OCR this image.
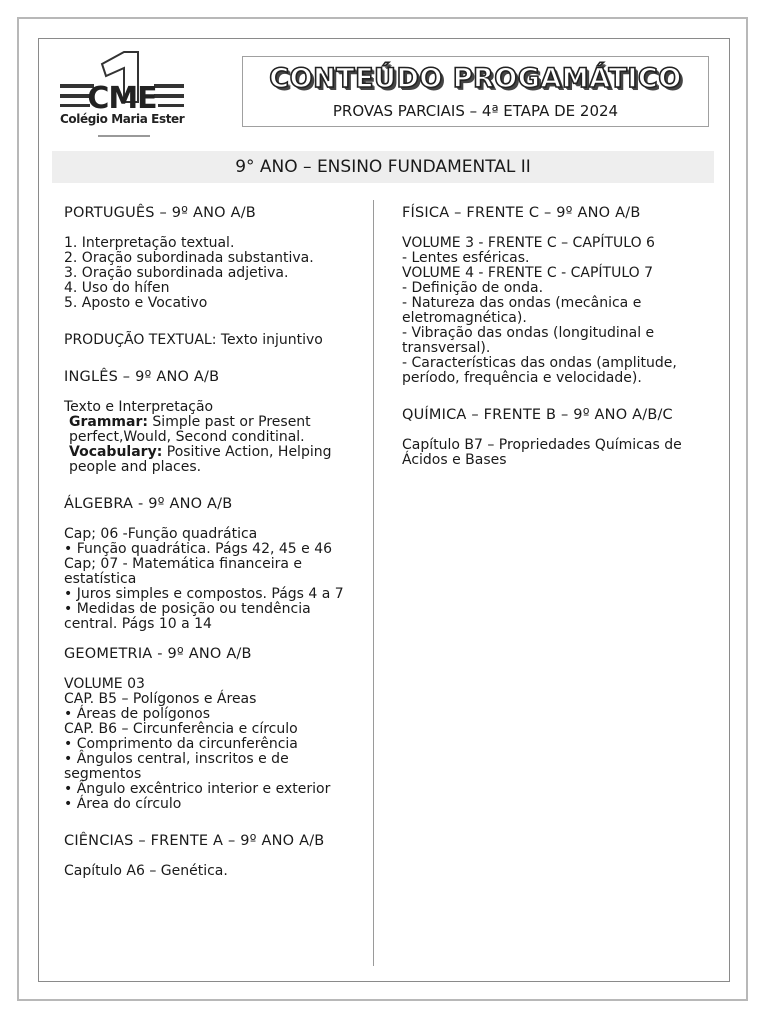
CME
Colégio Maria Ester
CONTEÚDO PROGAMÁTICO
PROVAS PARCIAIS – 4ª ETAPA DE 2024
9° ANO – ENSINO FUNDAMENTAL II
PORTUGUÊS – 9º ANO A/B
1. Interpretação textual.
2. Oração subordinada substantiva.
3. Oração subordinada adjetiva.
4. Uso do hífen
5. Aposto e Vocativo
PRODUÇÃO TEXTUAL: Texto injuntivo
INGLÊS – 9º ANO A/B
Texto e Interpretação
Grammar: Simple past or Present perfect,Would, Second conditinal.
Vocabulary: Positive Action, Helping people and places.
ÁLGEBRA - 9º ANO A/B
Cap; 06 -Função quadrática
• Função quadrática. Págs 42, 45 e 46
Cap; 07 - Matemática financeira e estatística
• Juros simples e compostos. Págs 4 a 7
• Medidas de posição ou tendência central. Págs 10 a 14
GEOMETRIA - 9º ANO A/B
VOLUME 03
CAP. B5 – Polígonos e Áreas
• Áreas de polígonos
CAP. B6 – Circunferência e círculo
• Comprimento da circunferência
• Ângulos central, inscritos e de segmentos
• Ângulo excêntrico interior e exterior
• Área do círculo
CIÊNCIAS – FRENTE A – 9º ANO A/B
Capítulo A6 – Genética.
FÍSICA – FRENTE C – 9º ANO A/B
VOLUME 3 - FRENTE C – CAPÍTULO 6
- Lentes esféricas.
VOLUME 4 - FRENTE C - CAPÍTULO 7
- Definição de onda.
- Natureza das ondas (mecânica e eletromagnética).
- Vibração das ondas (longitudinal e transversal).
- Características das ondas (amplitude, período, frequência e velocidade).
QUÍMICA – FRENTE B – 9º ANO A/B/C
Capítulo B7 – Propriedades Químicas de Ácidos e Bases
